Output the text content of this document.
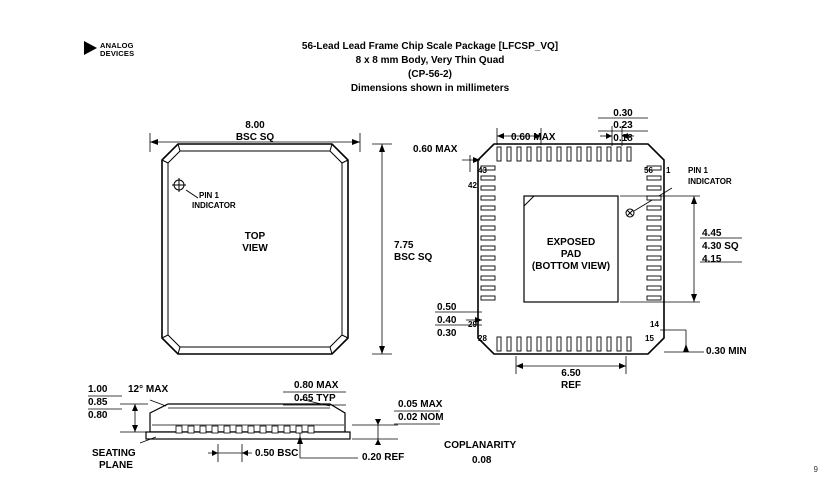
ANALOG
DEVICES
56-Lead Lead Frame Chip Scale Package [LFCSP_VQ]
8 x 8 mm Body, Very Thin Quad
(CP-56-2)
Dimensions shown in millimeters
8.00
BSC SQ
7.75
BSC SQ
TOP
VIEW
PIN 1
INDICATOR
0.60 MAX
0.60 MAX
0.30
0.23
0.18
PIN 1
INDICATOR
EXPOSED
PAD
(BOTTOM VIEW)
4.45
4.30 SQ
4.15
0.50
0.40
0.30
6.50
REF
0.30 MIN
43
42
56 1
29
28
14
15
1.00
0.85
0.80
12° MAX	0.80 MAX
0.65 TYP
0.05 MAX
0.02 NOM
SEATING
PLANE
0.50 BSC	0.20 REF
COPLANARITY
0.08
9
